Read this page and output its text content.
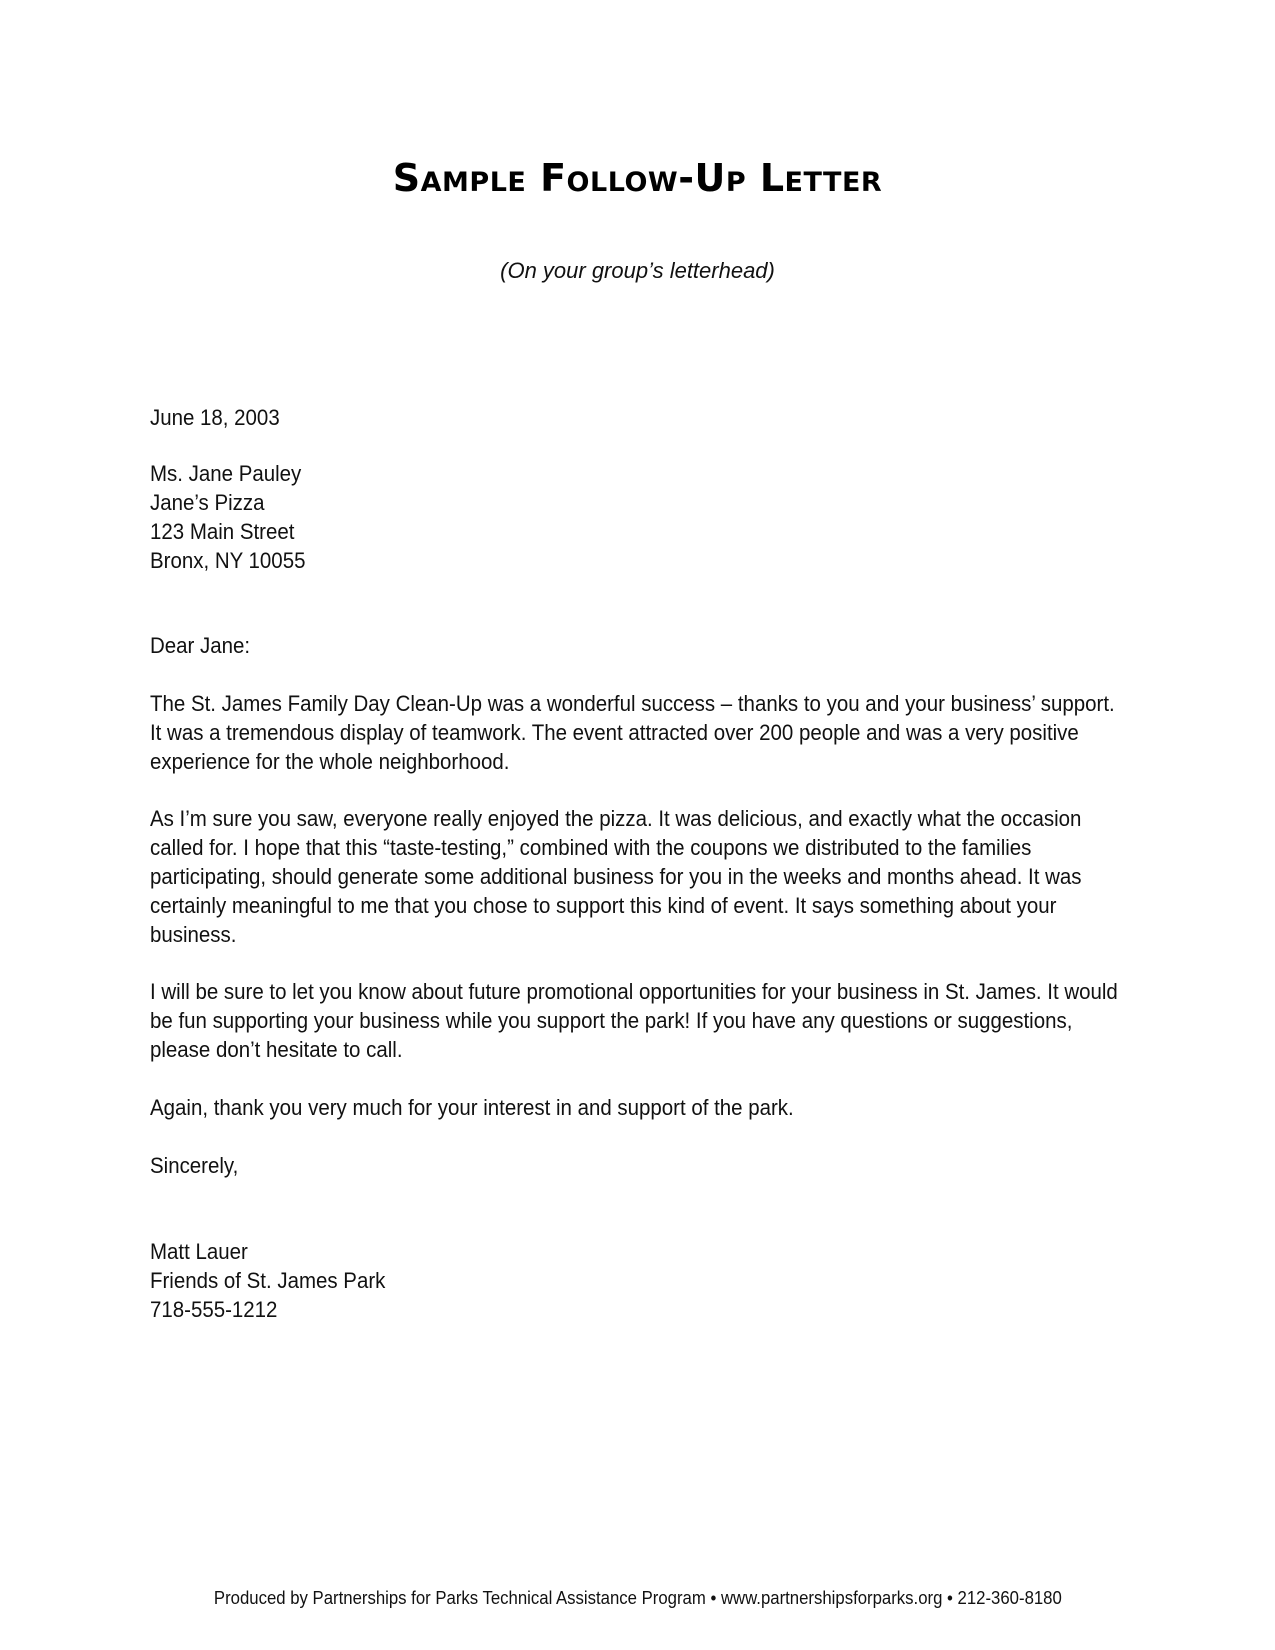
Sample Follow-Up Letter
(On your group’s letterhead)
June 18, 2003
Ms. Jane Pauley
Jane’s Pizza
123 Main Street
Bronx, NY 10055
Dear Jane:
The St. James Family Day Clean-Up was a wonderful success – thanks to you and your business’ support.
It was a tremendous display of teamwork. The event attracted over 200 people and was a very positive
experience for the whole neighborhood.
As I’m sure you saw, everyone really enjoyed the pizza. It was delicious, and exactly what the occasion
called for. I hope that this “taste-testing,” combined with the coupons we distributed to the families
participating, should generate some additional business for you in the weeks and months ahead. It was
certainly meaningful to me that you chose to support this kind of event. It says something about your
business.
I will be sure to let you know about future promotional opportunities for your business in St. James. It would
be fun supporting your business while you support the park! If you have any questions or suggestions,
please don’t hesitate to call.
Again, thank you very much for your interest in and support of the park.
Sincerely,
Matt Lauer
Friends of St. James Park
718-555-1212
Produced by Partnerships for Parks Technical Assistance Program • www.partnershipsforparks.org • 212-360-8180
